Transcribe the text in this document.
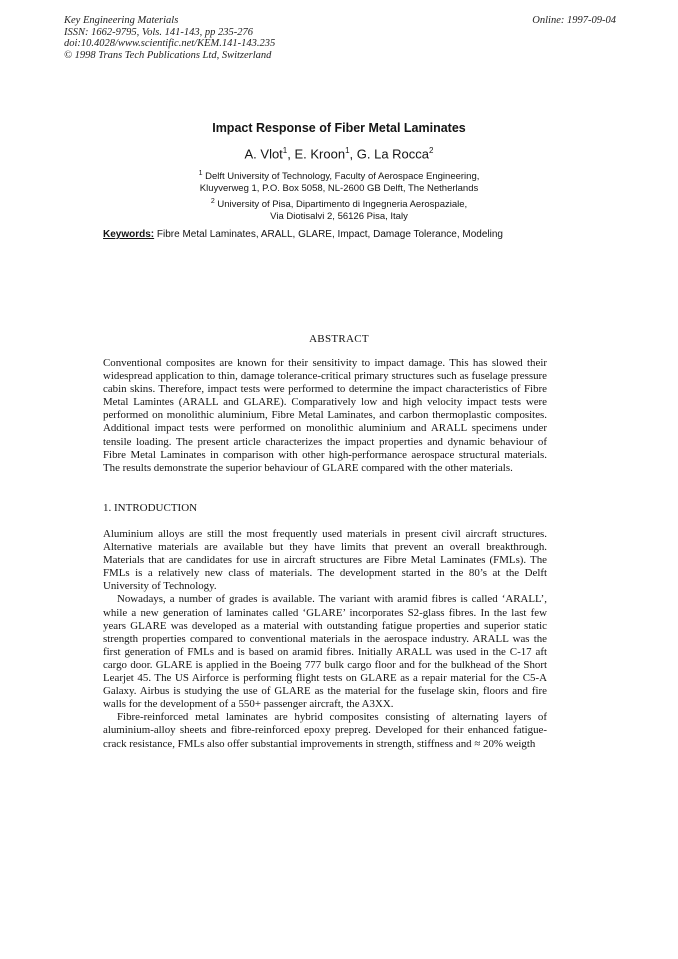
Key Engineering Materials
ISSN: 1662-9795, Vols. 141-143, pp 235-276
doi:10.4028/www.scientific.net/KEM.141-143.235
© 1998 Trans Tech Publications Ltd, Switzerland
Online: 1997-09-04
Impact Response of Fiber Metal Laminates
A. Vlot$^1$, E. Kroon$^1$, G. La Rocca$^2$
$^1$ Delft University of Technology, Faculty of Aerospace Engineering,
Kluyverweg 1, P.O. Box 5058, NL-2600 GB Delft, The Netherlands
$^2$ University of Pisa, Dipartimento di Ingegneria Aerospaziale,
Via Diotisalvi 2, 56126 Pisa, Italy
Keywords: Fibre Metal Laminates, ARALL, GLARE, Impact, Damage Tolerance, Modeling
ABSTRACT
Conventional composites are known for their sensitivity to impact damage. This has slowed their widespread application to thin, damage tolerance-critical primary structures such as fuselage pressure cabin skins. Therefore, impact tests were performed to determine the impact characteristics of Fibre Metal Lamintes (ARALL and GLARE). Comparatively low and high velocity impact tests were performed on monolithic aluminium, Fibre Metal Laminates, and carbon thermoplastic composites. Additional impact tests were performed on monolithic aluminium and ARALL specimens under tensile loading. The present article characterizes the impact properties and dynamic behaviour of Fibre Metal Laminates in comparison with other high-performance aerospace structural materials. The results demonstrate the superior behaviour of GLARE compared with the other materials.
1. INTRODUCTION

Aluminium alloys are still the most frequently used materials in present civil aircraft structures. Alternative materials are available but they have limits that prevent an overall breakthrough. Materials that are candidates for use in aircraft structures are Fibre Metal Laminates (FMLs). The FMLs is a relatively new class of materials. The development started in the 80’s at the Delft University of Technology.

Nowadays, a number of grades is available. The variant with aramid fibres is called ‘ARALL’, while a new generation of laminates called ‘GLARE’ incorporates S2-glass fibres. In the last few years GLARE was developed as a material with outstanding fatigue properties and superior static strength properties compared to conventional materials in the aerospace industry. ARALL was the first generation of FMLs and is based on aramid fibres. Initially ARALL was used in the C-17 aft cargo door. GLARE is applied in the Boeing 777 bulk cargo floor and for the bulkhead of the Short Learjet 45. The US Airforce is performing flight tests on GLARE as a repair material for the C5-A Galaxy. Airbus is studying the use of GLARE as the material for the fuselage skin, floors and fire walls for the development of a 550+ passenger aircraft, the A3XX.

Fibre-reinforced metal laminates are hybrid composites consisting of alternating layers of aluminium-alloy sheets and fibre-reinforced epoxy prepreg. Developed for their enhanced fatigue-crack resistance, FMLs also offer substantial improvements in strength, stiffness and ≈ 20% weigth
